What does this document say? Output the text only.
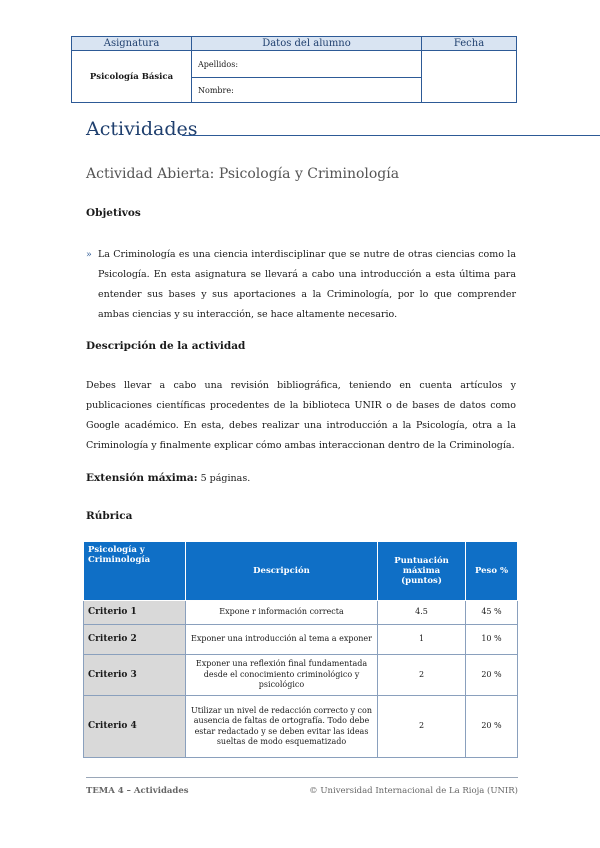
Asignatura	Datos del alumno	Fecha
Psicología Básica	Apellidos:	
	Nombre:	
Actividades
Actividad Abierta: Psicología y Criminología
Objetivos
» La Criminología es una ciencia interdisciplinar que se nutre de otras ciencias como la Psicología. En esta asignatura se llevará a cabo una introducción a esta última para entender sus bases y sus aportaciones a la Criminología, por lo que comprender ambas ciencias y su interacción, se hace altamente necesario.
Descripción de la actividad

Debes llevar a cabo una revisión bibliográfica, teniendo en cuenta artículos y publicaciones científicas procedentes de la biblioteca UNIR o de bases de datos como Google académico. En esta, debes realizar una introducción a la Psicología, otra a la Criminología y finalmente explicar cómo ambas interaccionan dentro de la Criminología.

Extensión máxima: 5 páginas.

Rúbrica
Psicología y Criminología	Descripción	Puntuación máxima (puntos)	Peso %
Criterio 1	Expone r información correcta	4.5	45 %
Criterio 2	Exponer una introducción al tema a exponer	1	10 %
Criterio 3	Exponer una reflexión final fundamentada desde el conocimiento criminológico y psicológico	2	20 %
Criterio 4	Utilizar un nivel de redacción correcto y con ausencia de faltas de ortografía. Todo debe estar redactado y se deben evitar las ideas sueltas de modo esquematizado	2	20 %
TEMA 4 – Actividades	© Universidad Internacional de La Rioja (UNIR)
